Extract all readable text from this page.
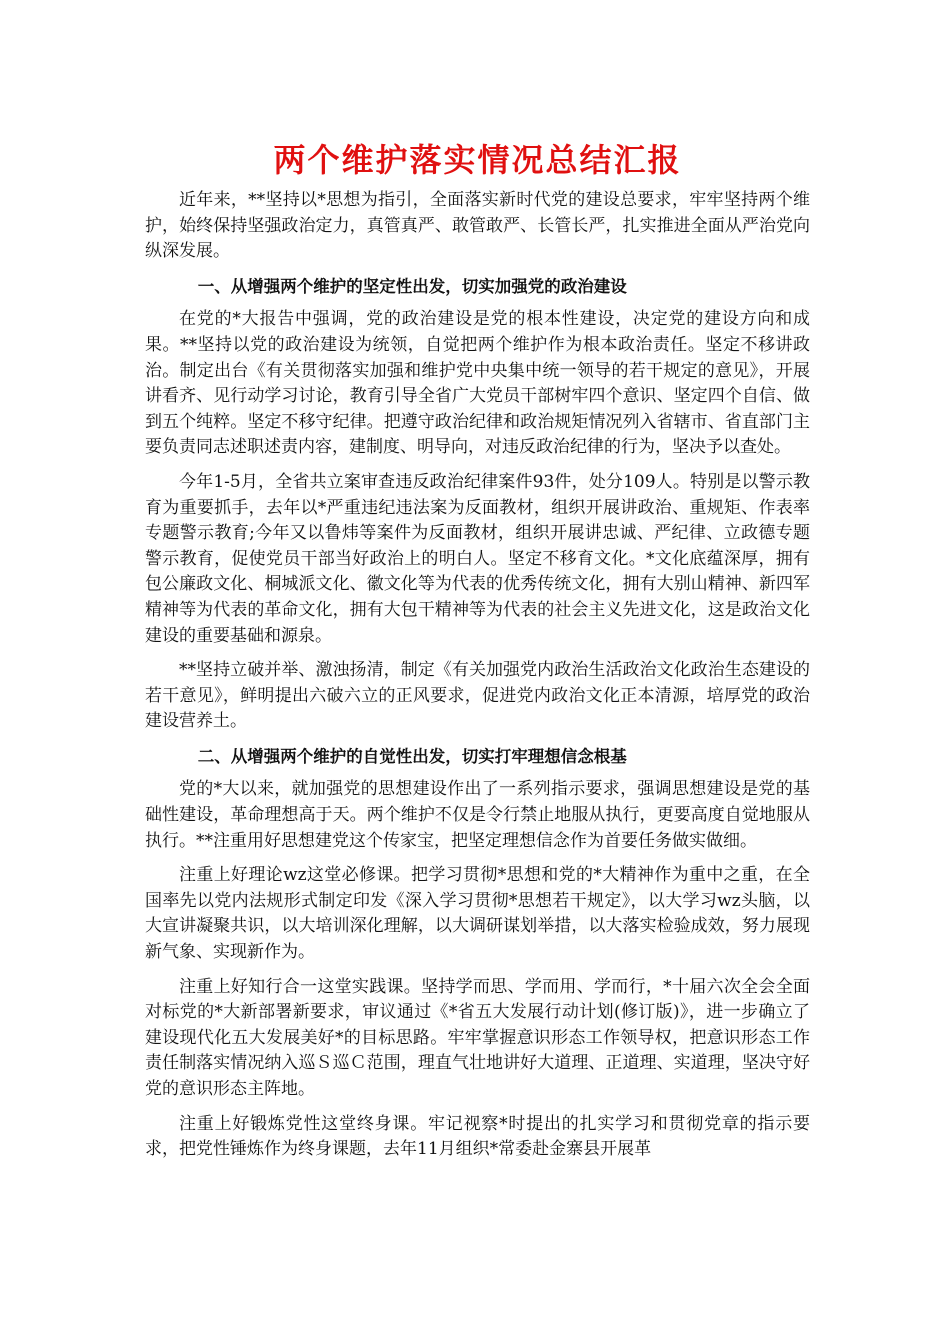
两个维护落实情况总结汇报

近年来，**坚持以*思想为指引，全面落实新时代党的建设总要求，牢牢坚持两个维护，始终保持坚强政治定力，真管真严、敢管敢严、长管长严，扎实推进全面从严治党向纵深发展。

一、从增强两个维护的坚定性出发，切实加强党的政治建设

在党的*大报告中强调，党的政治建设是党的根本性建设，决定党的建设方向和成果。**坚持以党的政治建设为统领，自觉把两个维护作为根本政治责任。坚定不移讲政治。制定出台《有关贯彻落实加强和维护党中央集中统一领导的若干规定的意见》，开展讲看齐、见行动学习讨论，教育引导全省广大党员干部树牢四个意识、坚定四个自信、做到五个纯粹。坚定不移守纪律。把遵守政治纪律和政治规矩情况列入省辖市、省直部门主要负责同志述职述责内容，建制度、明导向，对违反政治纪律的行为，坚决予以查处。

今年1-5月，全省共立案审查违反政治纪律案件93件，处分109人。特别是以警示教育为重要抓手，去年以*严重违纪违法案为反面教材，组织开展讲政治、重规矩、作表率专题警示教育;今年又以鲁炜等案件为反面教材，组织开展讲忠诚、严纪律、立政德专题警示教育，促使党员干部当好政治上的明白人。坚定不移育文化。*文化底蕴深厚，拥有包公廉政文化、桐城派文化、徽文化等为代表的优秀传统文化，拥有大别山精神、新四军精神等为代表的革命文化，拥有大包干精神等为代表的社会主义先进文化，这是政治文化建设的重要基础和源泉。

**坚持立破并举、激浊扬清，制定《有关加强党内政治生活政治文化政治生态建设的若干意见》，鲜明提出六破六立的正风要求，促进党内政治文化正本清源，培厚党的政治建设营养土。

二、从增强两个维护的自觉性出发，切实打牢理想信念根基

党的*大以来，就加强党的思想建设作出了一系列指示要求，强调思想建设是党的基础性建设，革命理想高于天。两个维护不仅是令行禁止地服从执行，更要高度自觉地服从执行。**注重用好思想建党这个传家宝，把坚定理想信念作为首要任务做实做细。

注重上好理论wz这堂必修课。把学习贯彻*思想和党的*大精神作为重中之重，在全国率先以党内法规形式制定印发《深入学习贯彻*思想若干规定》，以大学习wz头脑，以大宣讲凝聚共识，以大培训深化理解，以大调研谋划举措，以大落实检验成效，努力展现新气象、实现新作为。

注重上好知行合一这堂实践课。坚持学而思、学而用、学而行，*十届六次全会全面对标党的*大新部署新要求，审议通过《*省五大发展行动计划(修订版)》，进一步确立了建设现代化五大发展美好*的目标思路。牢牢掌握意识形态工作领导权，把意识形态工作责任制落实情况纳入巡Ｓ巡Ｃ范围，理直气壮地讲好大道理、正道理、实道理，坚决守好党的意识形态主阵地。

注重上好锻炼党性这堂终身课。牢记视察*时提出的扎实学习和贯彻党章的指示要求，把党性锤炼作为终身课题，去年11月组织*常委赴金寨县开展革
